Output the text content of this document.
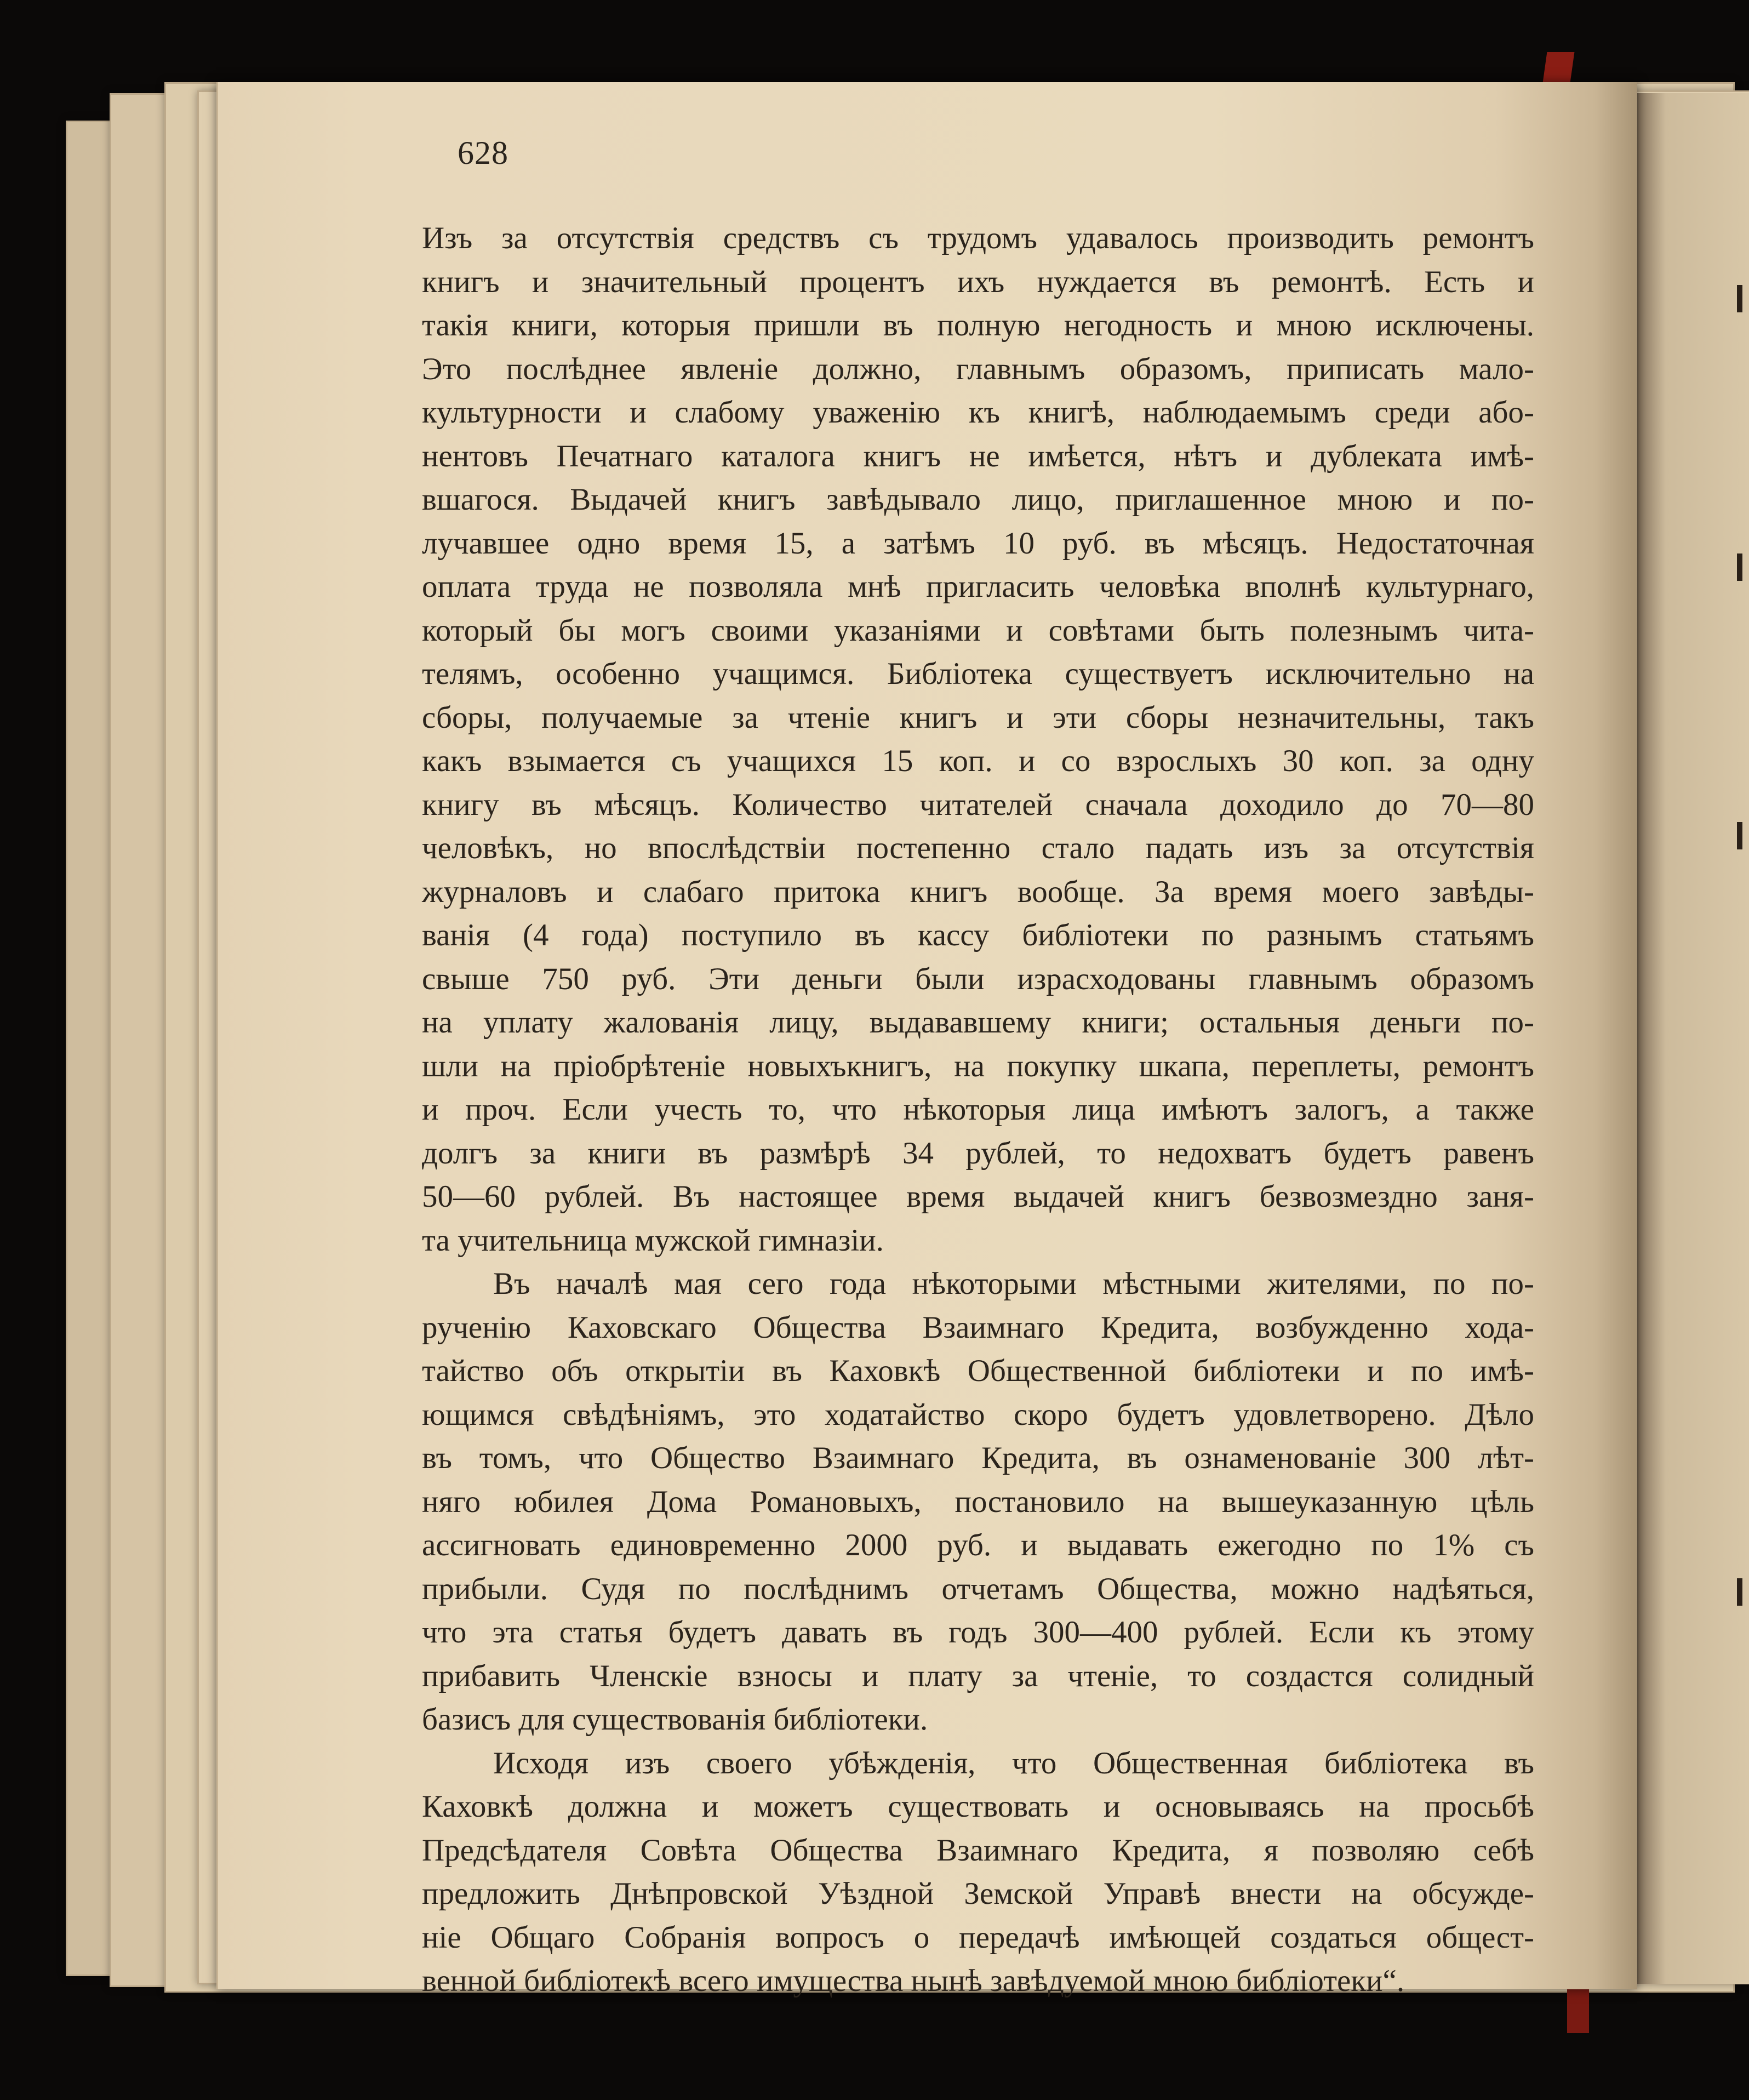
628
Изъ за отсутствія средствъ съ трудомъ удавалось производить ремонтъ
книгъ и значительный процентъ ихъ нуждается въ ремонтѣ. Есть и
такія книги, которыя пришли въ полную негодность и мною исключены.
Это послѣднее явленіе должно, главнымъ образомъ, приписать мало-
культурности и слабому уваженію къ книгѣ, наблюдаемымъ среди або-
нентовъ Печатнаго каталога книгъ не имѣется, нѣтъ и дублеката имѣ-
вшагося. Выдачей книгъ завѣдывало лицо, приглашенное мною и по-
лучавшее одно время 15, а затѣмъ 10 руб. въ мѣсяцъ. Недостаточная
оплата труда не позволяла мнѣ пригласить человѣка вполнѣ культурнаго,
который бы могъ своими указаніями и совѣтами быть полезнымъ чита-
телямъ, особенно учащимся. Библіотека существуетъ исключительно на
сборы, получаемые за чтеніе книгъ и эти сборы незначительны, такъ
какъ взымается съ учащихся 15 коп. и со взрослыхъ 30 коп. за одну
книгу въ мѣсяцъ. Количество читателей сначала доходило до 70—80
человѣкъ, но впослѣдствіи постепенно стало падать изъ за отсутствія
журналовъ и слабаго притока книгъ вообще. За время моего завѣды-
ванія (4 года) поступило въ кассу библіотеки по разнымъ статьямъ
свыше 750 руб. Эти деньги были израсходованы главнымъ образомъ
на уплату жалованія лицу, выдававшему книги; остальныя деньги по-
шли на пріобрѣтеніе новыхъкнигъ, на покупку шкапа, переплеты, ремонтъ
и проч. Если учесть то, что нѣкоторыя лица имѣютъ залогъ, а также
долгъ за книги въ размѣрѣ 34 рублей, то недохватъ будетъ равенъ
50—60 рублей. Въ настоящее время выдачей книгъ безвозмездно заня-
та учительница мужской гимназіи.
Въ началѣ мая сего года нѣкоторыми мѣстными жителями, по по-
рученію Каховскаго Общества Взаимнаго Кредита, возбужденно хода-
тайство объ открытіи въ Каховкѣ Общественной библіотеки и по имѣ-
ющимся свѣдѣніямъ, это ходатайство скоро будетъ удовлетворено. Дѣло
въ томъ, что Общество Взаимнаго Кредита, въ ознаменованіе 300 лѣт-
няго юбилея Дома Романовыхъ, постановило на вышеуказанную цѣль
ассигновать единовременно 2000 руб. и выдавать ежегодно по 1% съ
прибыли. Судя по послѣднимъ отчетамъ Общества, можно надѣяться,
что эта статья будетъ давать въ годъ 300—400 рублей. Если къ этому
прибавить Членскіе взносы и плату за чтеніе, то создастся солидный
базисъ для существованія библіотеки.
Исходя изъ своего убѣжденія, что Общественная библіотека въ
Каховкѣ должна и можетъ существовать и основываясь на просьбѣ
Предсѣдателя Совѣта Общества Взаимнаго Кредита, я позволяю себѣ
предложить Днѣпровской Уѣздной Земской Управѣ внести на обсужде-
ніе Общаго Собранія вопросъ о передачѣ имѣющей создаться общест-
венной библіотекѣ всего имущества нынѣ завѣдуемой мною библіотеки“.
